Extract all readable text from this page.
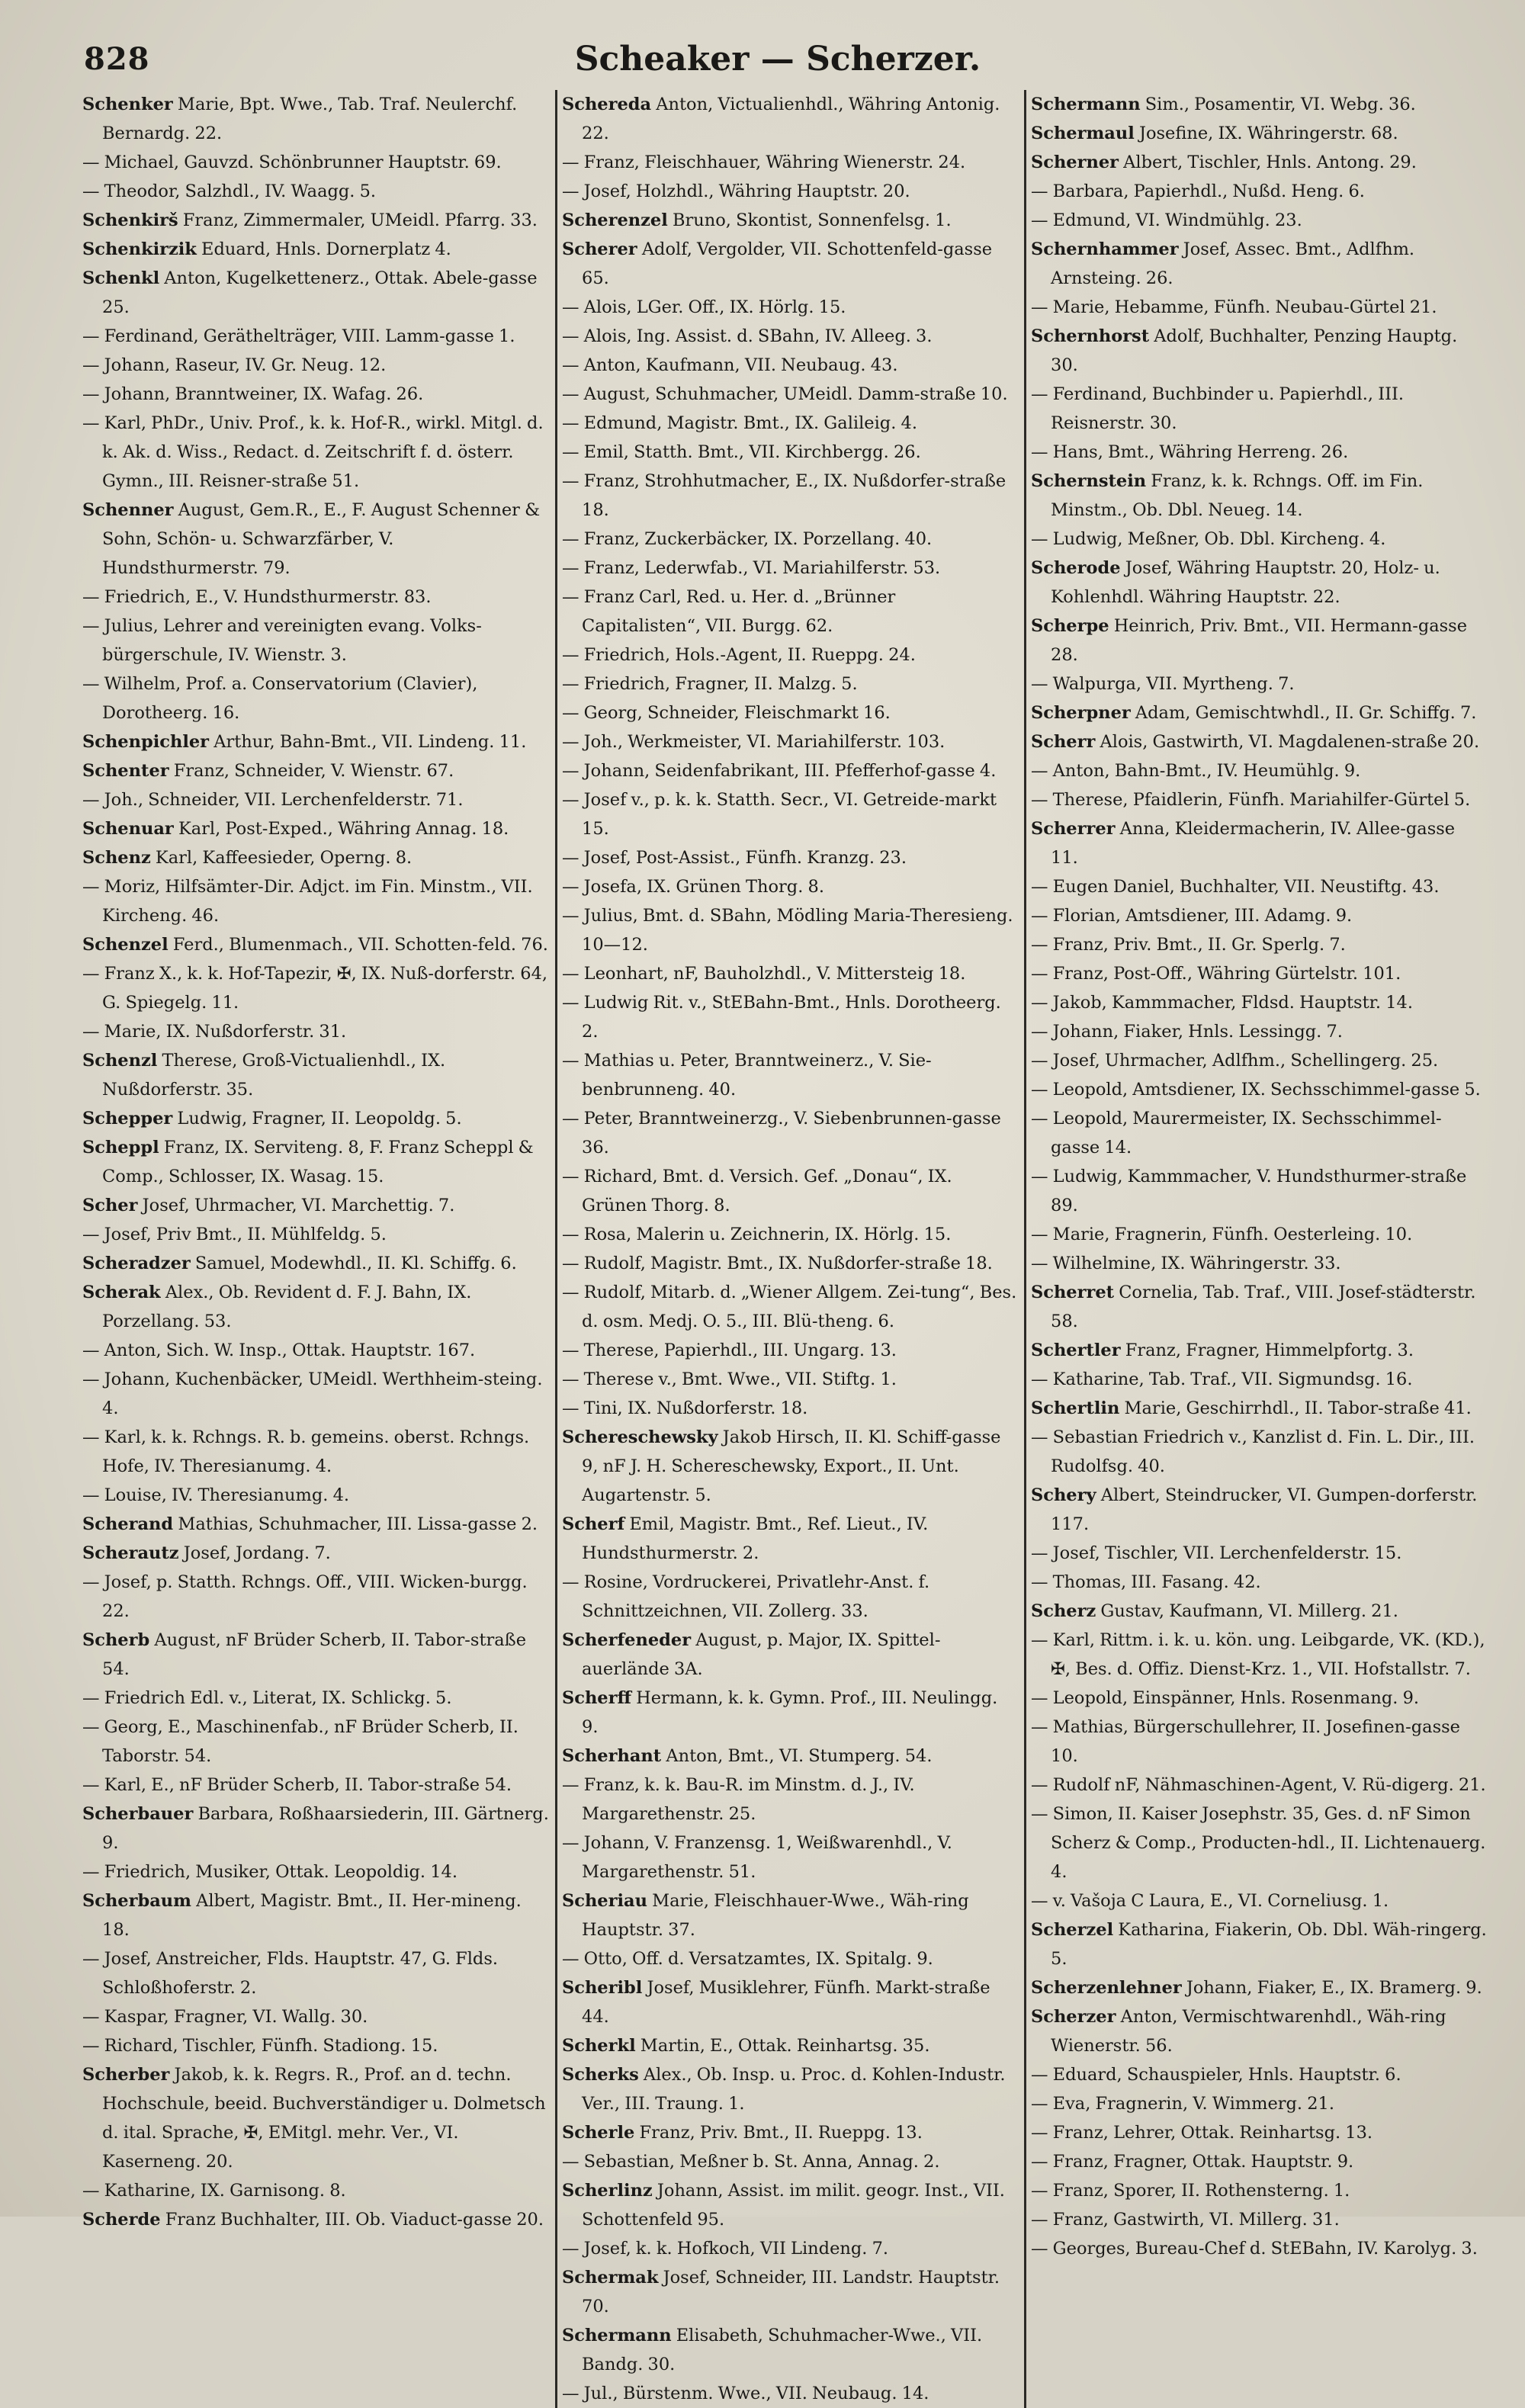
828	Scheaker — Scherzer.

Schenker Marie, Bpt. Wwe., Tab. Traf. Neulerchf. Bernardg. 22.

— Michael, Gauvzd. Schönbrunner Hauptstr. 69.

— Theodor, Salzhdl., IV. Waagg. 5.

Schenkirš Franz, Zimmermaler, UMeidl. Pfarrg. 33.

Schenkirzik Eduard, Hnls. Dornerplatz 4.

Schenkl Anton, Kugelkettenerz., Ottak. Abele-gasse 25.

— Ferdinand, Geräthelträger, VIII. Lamm-gasse 1.

— Johann, Raseur, IV. Gr. Neug. 12.

— Johann, Branntweiner, IX. Wafag. 26.

— Karl, PhDr., Univ. Prof., k. k. Hof-R., wirkl. Mitgl. d. k. Ak. d. Wiss., Redact. d. Zeitschrift f. d. österr. Gymn., III. Reisner-straße 51.

Schenner August, Gem.R., E., F. August Schenner & Sohn, Schön- u. Schwarzfärber, V. Hundsthurmerstr. 79.

— Friedrich, E., V. Hundsthurmerstr. 83.

— Julius, Lehrer and vereinigten evang. Volks-bürgerschule, IV. Wienstr. 3.

— Wilhelm, Prof. a. Conservatorium (Clavier), Dorotheerg. 16.

Schenpichler Arthur, Bahn-Bmt., VII. Lindeng. 11.

Schenter Franz, Schneider, V. Wienstr. 67.

— Joh., Schneider, VII. Lerchenfelderstr. 71.

Schenuar Karl, Post-Exped., Währing Annag. 18.

Schenz Karl, Kaffeesieder, Operng. 8.

— Moriz, Hilfsämter-Dir. Adjct. im Fin. Minstm., VII. Kircheng. 46.

Schenzel Ferd., Blumenmach., VII. Schotten-feld. 76.

— Franz X., k. k. Hof-Tapezir, ✠, IX. Nuß-dorferstr. 64, G. Spiegelg. 11.

— Marie, IX. Nußdorferstr. 31.

Schenzl Therese, Groß-Victualienhdl., IX. Nußdorferstr. 35.

Schepper Ludwig, Fragner, II. Leopoldg. 5.

Scheppl Franz, IX. Serviteng. 8, F. Franz Scheppl & Comp., Schlosser, IX. Wasag. 15.

Scher Josef, Uhrmacher, VI. Marchettig. 7.

— Josef, Priv Bmt., II. Mühlfeldg. 5.

Scheradzer Samuel, Modewhdl., II. Kl. Schiffg. 6.

Scherak Alex., Ob. Revident d. F. J. Bahn, IX. Porzellang. 53.

— Anton, Sich. W. Insp., Ottak. Hauptstr. 167.

— Johann, Kuchenbäcker, UMeidl. Werthheim-steing. 4.

— Karl, k. k. Rchngs. R. b. gemeins. oberst. Rchngs. Hofe, IV. Theresianumg. 4.

— Louise, IV. Theresianumg. 4.

Scherand Mathias, Schuhmacher, III. Lissa-gasse 2.

Scherautz Josef, Jordang. 7.

— Josef, p. Statth. Rchngs. Off., VIII. Wicken-burgg. 22.

Scherb August, nF Brüder Scherb, II. Tabor-straße 54.

— Friedrich Edl. v., Literat, IX. Schlickg. 5.

— Georg, E., Maschinenfab., nF Brüder Scherb, II. Taborstr. 54.

— Karl, E., nF Brüder Scherb, II. Tabor-straße 54.

Scherbauer Barbara, Roßhaarsiederin, III. Gärtnerg. 9.

— Friedrich, Musiker, Ottak. Leopoldig. 14.

Scherbaum Albert, Magistr. Bmt., II. Her-mineng. 18.

— Josef, Anstreicher, Flds. Hauptstr. 47, G. Flds. Schloßhoferstr. 2.

— Kaspar, Fragner, VI. Wallg. 30.

— Richard, Tischler, Fünfh. Stadiong. 15.

Scherber Jakob, k. k. Regrs. R., Prof. an d. techn. Hochschule, beeid. Buchverständiger u. Dolmetsch d. ital. Sprache, ✠, EMitgl. mehr. Ver., VI. Kaserneng. 20.

— Katharine, IX. Garnisong. 8.

Scherde Franz Buchhalter, III. Ob. Viaduct-gasse 20.

Schereda Anton, Victualienhdl., Währing Antonig. 22.

— Franz, Fleischhauer, Währing Wienerstr. 24.

— Josef, Holzhdl., Währing Hauptstr. 20.

Scherenzel Bruno, Skontist, Sonnenfelsg. 1.

Scherer Adolf, Vergolder, VII. Schottenfeld-gasse 65.

— Alois, LGer. Off., IX. Hörlg. 15.

— Alois, Ing. Assist. d. SBahn, IV. Alleeg. 3.

— Anton, Kaufmann, VII. Neubaug. 43.

— August, Schuhmacher, UMeidl. Damm-straße 10.

— Edmund, Magistr. Bmt., IX. Galileig. 4.

— Emil, Statth. Bmt., VII. Kirchbergg. 26.

— Franz, Strohhutmacher, E., IX. Nußdorfer-straße 18.

— Franz, Zuckerbäcker, IX. Porzellang. 40.

— Franz, Lederwfab., VI. Mariahilferstr. 53.

— Franz Carl, Red. u. Her. d. „Brünner Capitalisten“, VII. Burgg. 62.

— Friedrich, Hols.-Agent, II. Rueppg. 24.

— Friedrich, Fragner, II. Malzg. 5.

— Georg, Schneider, Fleischmarkt 16.

— Joh., Werkmeister, VI. Mariahilferstr. 103.

— Johann, Seidenfabrikant, III. Pfefferhof-gasse 4.

— Josef v., p. k. k. Statth. Secr., VI. Getreide-markt 15.

— Josef, Post-Assist., Fünfh. Kranzg. 23.

— Josefa, IX. Grünen Thorg. 8.

— Julius, Bmt. d. SBahn, Mödling Maria-Theresieng. 10—12.

— Leonhart, nF, Bauholzhdl., V. Mittersteig 18.

— Ludwig Rit. v., StEBahn-Bmt., Hnls. Dorotheerg. 2.

— Mathias u. Peter, Branntweinerz., V. Sie-benbrunneng. 40.

— Peter, Branntweinerzg., V. Siebenbrunnen-gasse 36.

— Richard, Bmt. d. Versich. Gef. „Donau“, IX. Grünen Thorg. 8.

— Rosa, Malerin u. Zeichnerin, IX. Hörlg. 15.

— Rudolf, Magistr. Bmt., IX. Nußdorfer-straße 18.

— Rudolf, Mitarb. d. „Wiener Allgem. Zei-tung“, Bes. d. osm. Medj. O. 5., III. Blü-theng. 6.

— Therese, Papierhdl., III. Ungarg. 13.

— Therese v., Bmt. Wwe., VII. Stiftg. 1.

— Tini, IX. Nußdorferstr. 18.

Schereschewsky Jakob Hirsch, II. Kl. Schiff-gasse 9, nF J. H. Schereschewsky, Export., II. Unt. Augartenstr. 5.

Scherf Emil, Magistr. Bmt., Ref. Lieut., IV. Hundsthurmerstr. 2.

— Rosine, Vordruckerei, Privatlehr-Anst. f. Schnittzeichnen, VII. Zollerg. 33.

Scherfeneder August, p. Major, IX. Spittel-auerlände 3A.

Scherff Hermann, k. k. Gymn. Prof., III. Neulingg. 9.

Scherhant Anton, Bmt., VI. Stumperg. 54.

— Franz, k. k. Bau-R. im Minstm. d. J., IV. Margarethenstr. 25.

— Johann, V. Franzensg. 1, Weißwarenhdl., V. Margarethenstr. 51.

Scheriau Marie, Fleischhauer-Wwe., Wäh-ring Hauptstr. 37.

— Otto, Off. d. Versatzamtes, IX. Spitalg. 9.

Scheribl Josef, Musiklehrer, Fünfh. Markt-straße 44.

Scherkl Martin, E., Ottak. Reinhartsg. 35.

Scherks Alex., Ob. Insp. u. Proc. d. Kohlen-Industr. Ver., III. Traung. 1.

Scherle Franz, Priv. Bmt., II. Rueppg. 13.

— Sebastian, Meßner b. St. Anna, Annag. 2.

Scherlinz Johann, Assist. im milit. geogr. Inst., VII. Schottenfeld 95.

— Josef, k. k. Hofkoch, VII Lindeng. 7.

Schermak Josef, Schneider, III. Landstr. Hauptstr. 70.

Schermann Elisabeth, Schuhmacher-Wwe., VII. Bandg. 30.

— Jul., Bürstenm. Wwe., VII. Neubaug. 14.

Schermann Sim., Posamentir, VI. Webg. 36.

Schermaul Josefine, IX. Währingerstr. 68.

Scherner Albert, Tischler, Hnls. Antong. 29.

— Barbara, Papierhdl., Nußd. Heng. 6.

— Edmund, VI. Windmühlg. 23.

Schernhammer Josef, Assec. Bmt., Adlfhm. Arnsteing. 26.

— Marie, Hebamme, Fünfh. Neubau-Gürtel 21.

Schernhorst Adolf, Buchhalter, Penzing Hauptg. 30.

— Ferdinand, Buchbinder u. Papierhdl., III. Reisnerstr. 30.

— Hans, Bmt., Währing Herreng. 26.

Schernstein Franz, k. k. Rchngs. Off. im Fin. Minstm., Ob. Dbl. Neueg. 14.

— Ludwig, Meßner, Ob. Dbl. Kircheng. 4.

Scherode Josef, Währing Hauptstr. 20, Holz- u. Kohlenhdl. Währing Hauptstr. 22.

Scherpe Heinrich, Priv. Bmt., VII. Hermann-gasse 28.

— Walpurga, VII. Myrtheng. 7.

Scherpner Adam, Gemischtwhdl., II. Gr. Schiffg. 7.

Scherr Alois, Gastwirth, VI. Magdalenen-straße 20.

— Anton, Bahn-Bmt., IV. Heumühlg. 9.

— Therese, Pfaidlerin, Fünfh. Mariahilfer-Gürtel 5.

Scherrer Anna, Kleidermacherin, IV. Allee-gasse 11.

— Eugen Daniel, Buchhalter, VII. Neustiftg. 43.

— Florian, Amtsdiener, III. Adamg. 9.

— Franz, Priv. Bmt., II. Gr. Sperlg. 7.

— Franz, Post-Off., Währing Gürtelstr. 101.

— Jakob, Kammmacher, Fldsd. Hauptstr. 14.

— Johann, Fiaker, Hnls. Lessingg. 7.

— Josef, Uhrmacher, Adlfhm., Schellingerg. 25.

— Leopold, Amtsdiener, IX. Sechsschimmel-gasse 5.

— Leopold, Maurermeister, IX. Sechsschimmel-gasse 14.

— Ludwig, Kammmacher, V. Hundsthurmer-straße 89.

— Marie, Fragnerin, Fünfh. Oesterleing. 10.

— Wilhelmine, IX. Währingerstr. 33.

Scherret Cornelia, Tab. Traf., VIII. Josef-städterstr. 58.

Schertler Franz, Fragner, Himmelpfortg. 3.

— Katharine, Tab. Traf., VII. Sigmundsg. 16.

Schertlin Marie, Geschirrhdl., II. Tabor-straße 41.

— Sebastian Friedrich v., Kanzlist d. Fin. L. Dir., III. Rudolfsg. 40.

Schery Albert, Steindrucker, VI. Gumpen-dorferstr. 117.

— Josef, Tischler, VII. Lerchenfelderstr. 15.

— Thomas, III. Fasang. 42.

Scherz Gustav, Kaufmann, VI. Millerg. 21.

— Karl, Rittm. i. k. u. kön. ung. Leibgarde, VK. (KD.), ✠, Bes. d. Offiz. Dienst-Krz. 1., VII. Hofstallstr. 7.

— Leopold, Einspänner, Hnls. Rosenmang. 9.

— Mathias, Bürgerschullehrer, II. Josefinen-gasse 10.

— Rudolf nF, Nähmaschinen-Agent, V. Rü-digerg. 21.

— Simon, II. Kaiser Josephstr. 35, Ges. d. nF Simon Scherz & Comp., Producten-hdl., II. Lichtenauerg. 4.

— v. Vašoja C Laura, E., VI. Corneliusg. 1.

Scherzel Katharina, Fiakerin, Ob. Dbl. Wäh-ringerg. 5.

Scherzenlehner Johann, Fiaker, E., IX. Bramerg. 9.

Scherzer Anton, Vermischtwarenhdl., Wäh-ring Wienerstr. 56.

— Eduard, Schauspieler, Hnls. Hauptstr. 6.

— Eva, Fragnerin, V. Wimmerg. 21.

— Franz, Lehrer, Ottak. Reinhartsg. 13.

— Franz, Fragner, Ottak. Hauptstr. 9.

— Franz, Sporer, II. Rothensterng. 1.

— Franz, Gastwirth, VI. Millerg. 31.

— Georges, Bureau-Chef d. StEBahn, IV. Karolyg. 3.
